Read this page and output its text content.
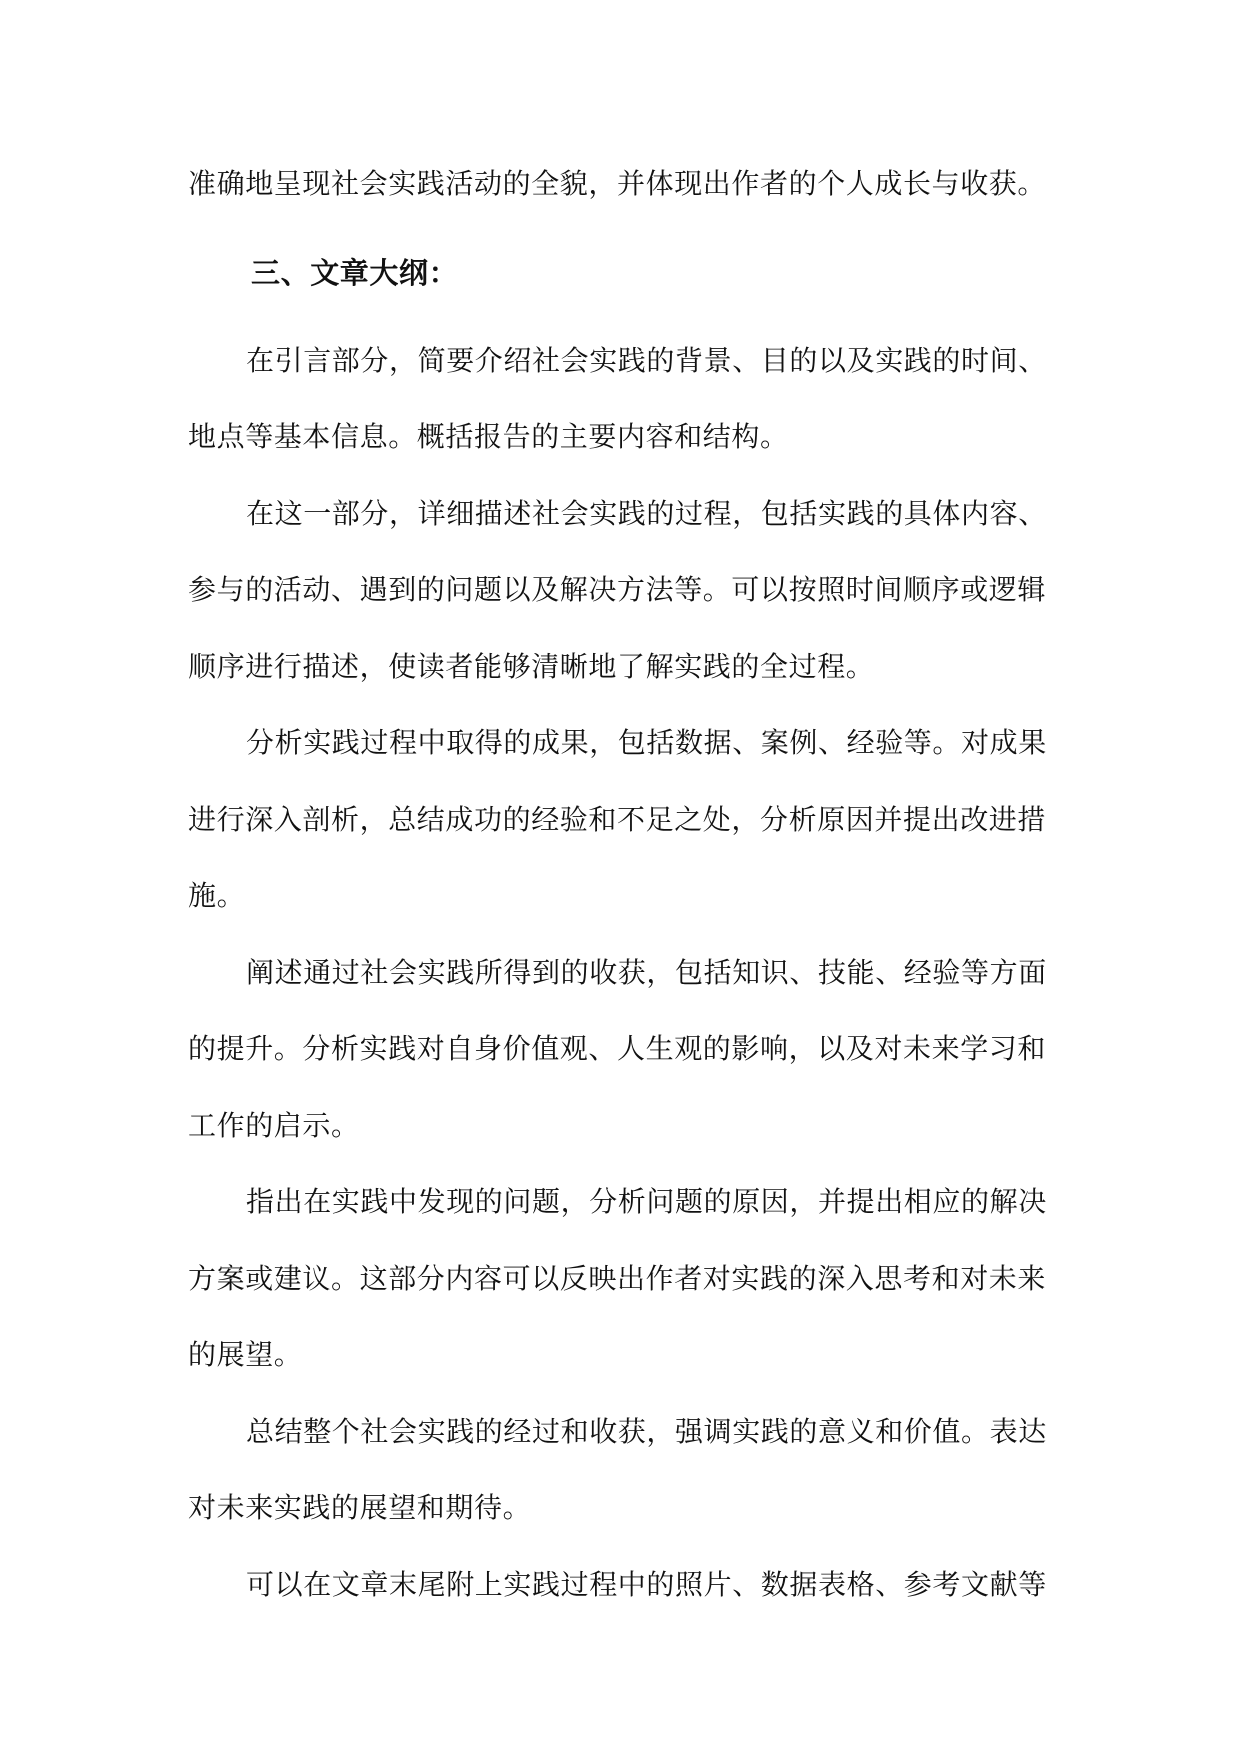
准确地呈现社会实践活动的全貌，并体现出作者的个人成长与收获。
三、文章大纲：
在引言部分，简要介绍社会实践的背景、目的以及实践的时间、
地点等基本信息。概括报告的主要内容和结构。
在这一部分，详细描述社会实践的过程，包括实践的具体内容、
参与的活动、遇到的问题以及解决方法等。可以按照时间顺序或逻辑
顺序进行描述，使读者能够清晰地了解实践的全过程。
分析实践过程中取得的成果，包括数据、案例、经验等。对成果
进行深入剖析，总结成功的经验和不足之处，分析原因并提出改进措
施。
阐述通过社会实践所得到的收获，包括知识、技能、经验等方面
的提升。分析实践对自身价值观、人生观的影响，以及对未来学习和
工作的启示。
指出在实践中发现的问题，分析问题的原因，并提出相应的解决
方案或建议。这部分内容可以反映出作者对实践的深入思考和对未来
的展望。
总结整个社会实践的经过和收获，强调实践的意义和价值。表达
对未来实践的展望和期待。
可以在文章末尾附上实践过程中的照片、数据表格、参考文献等
